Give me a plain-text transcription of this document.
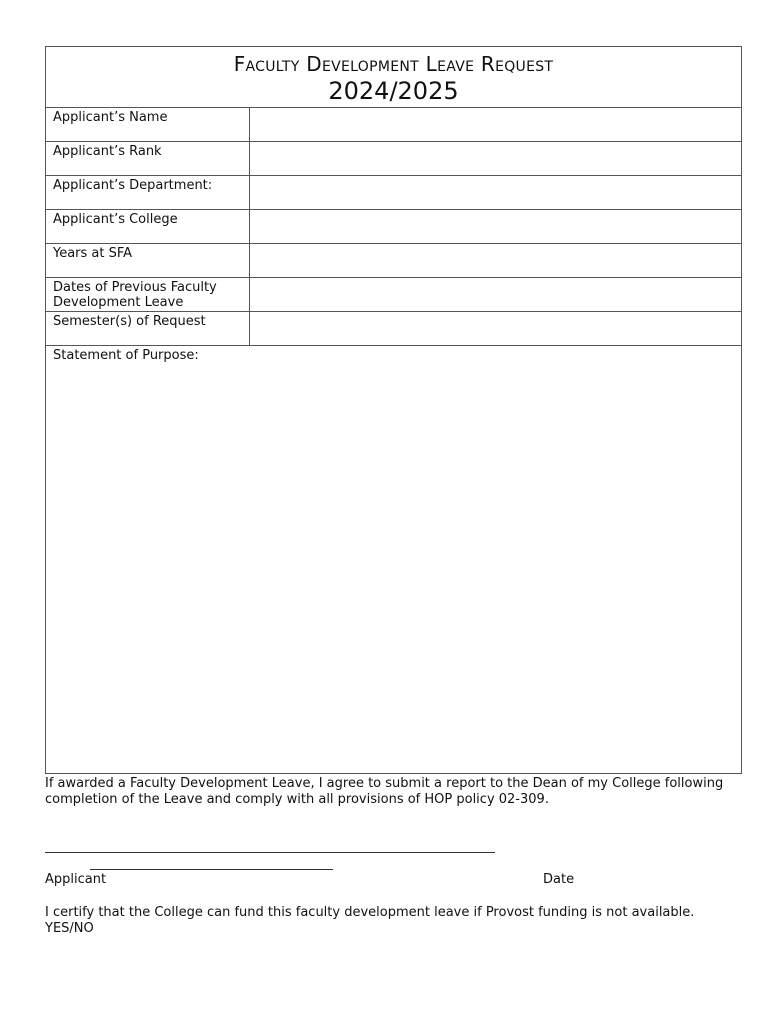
Faculty Development Leave Request
2024/2025
Applicant’s Name
Applicant’s Rank
Applicant’s Department:
Applicant’s College
Years at SFA
Dates of Previous Faculty Development Leave
Semester(s) of Request
Statement of Purpose:
If awarded a Faculty Development Leave, I agree to submit a report to the Dean of my College following completion of the Leave and comply with all provisions of HOP policy 02-309.
Applicant	Date
I certify that the College can fund this faculty development leave if Provost funding is not available. YES/NO
